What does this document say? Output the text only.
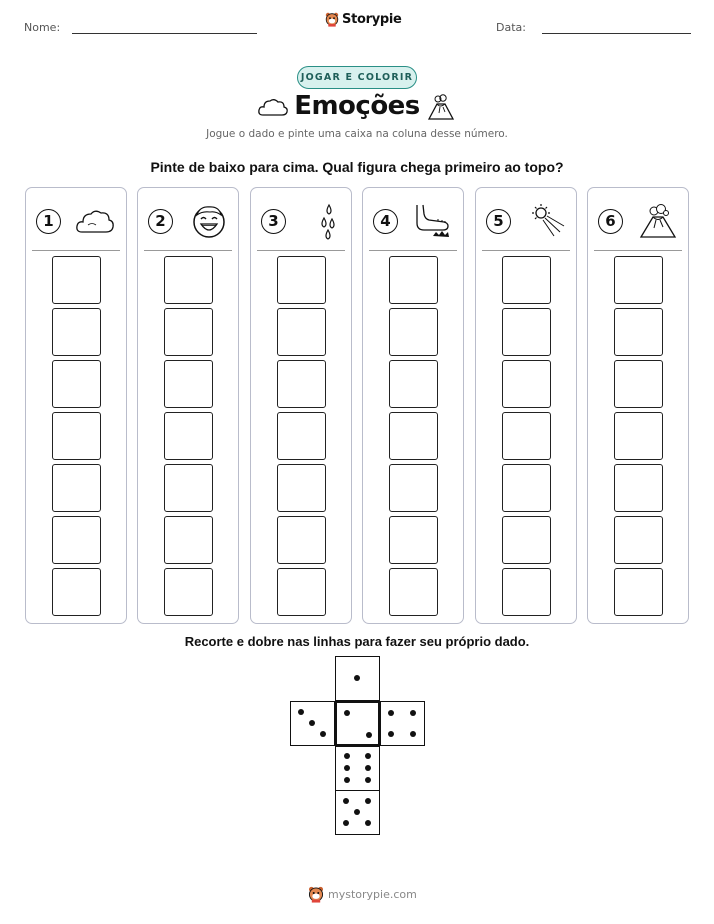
Nome:
Storypie
Data:
JOGAR E COLORIR
Emoções
Jogue o dado e pinte uma caixa na coluna desse número.
Pinte de baixo para cima. Qual figura chega primeiro ao topo?
1	2	3	4	5	6
Recorte e dobre nas linhas para fazer seu próprio dado.
mystorypie.com
